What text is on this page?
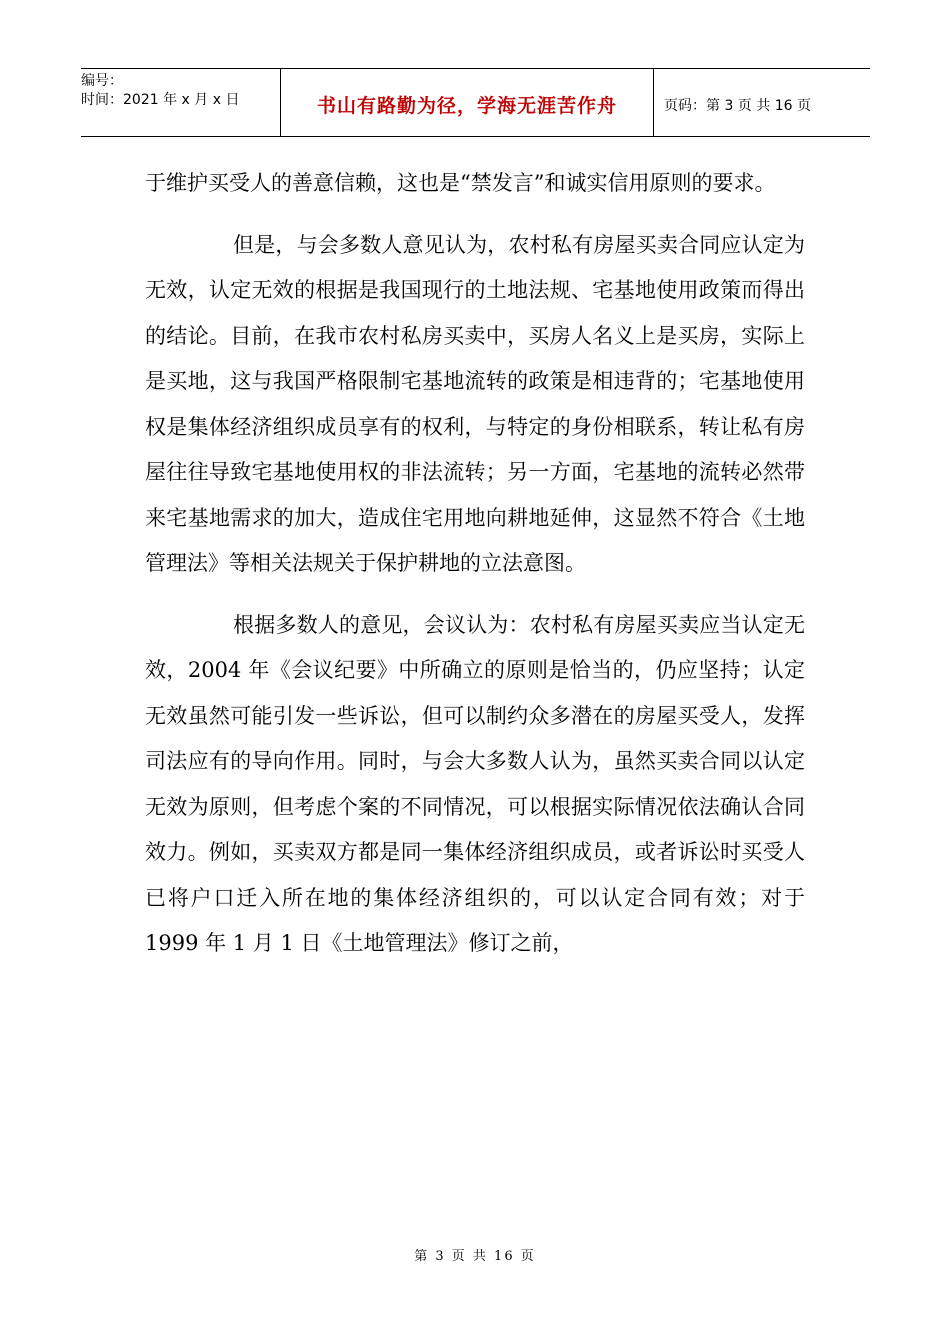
编号：
时间：2021 年 x 月 x 日	书山有路勤为径，学海无涯苦作舟	页码：第 3 页 共 16 页

于维护买受人的善意信赖，这也是“禁发言”和诚实信用原则的要求。

但是，与会多数人意见认为，农村私有房屋买卖合同应认定为无效，认定无效的根据是我国现行的土地法规、宅基地使用政策而得出的结论。目前，在我市农村私房买卖中，买房人名义上是买房，实际上是买地，这与我国严格限制宅基地流转的政策是相违背的；宅基地使用权是集体经济组织成员享有的权利，与特定的身份相联系，转让私有房屋往往导致宅基地使用权的非法流转；另一方面，宅基地的流转必然带来宅基地需求的加大，造成住宅用地向耕地延伸，这显然不符合《土地管理法》等相关法规关于保护耕地的立法意图。

根据多数人的意见，会议认为：农村私有房屋买卖应当认定无效，2004 年《会议纪要》中所确立的原则是恰当的，仍应坚持；认定无效虽然可能引发一些诉讼，但可以制约众多潜在的房屋买受人，发挥司法应有的导向作用。同时，与会大多数人认为，虽然买卖合同以认定无效为原则，但考虑个案的不同情况，可以根据实际情况依法确认合同效力。例如，买卖双方都是同一集体经济组织成员，或者诉讼时买受人已将户口迁入所在地的集体经济组织的，可以认定合同有效；对于 1999 年 1 月 1 日《土地管理法》修订之前，

第 3 页 共 16 页
